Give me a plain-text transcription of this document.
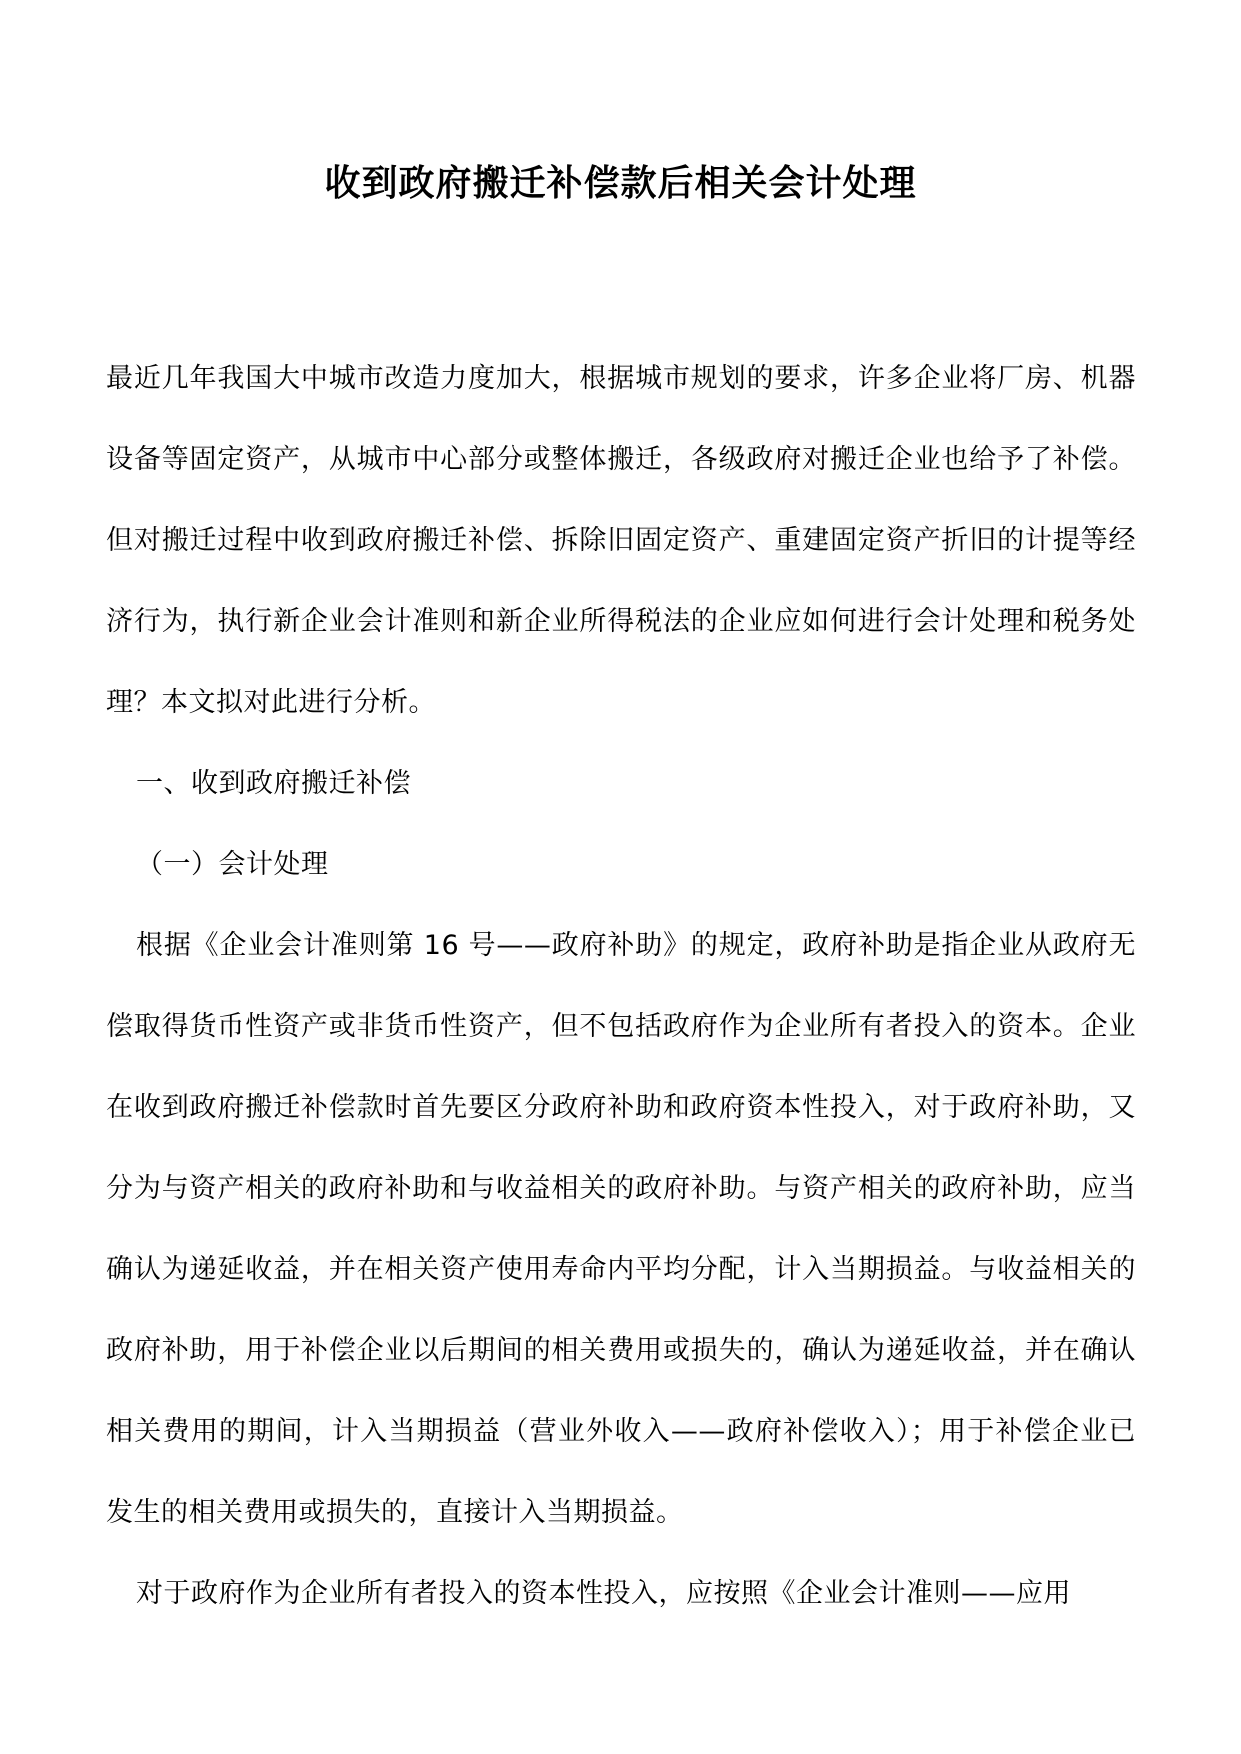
收到政府搬迁补偿款后相关会计处理

最近几年我国大中城市改造力度加大，根据城市规划的要求，许多企业将厂房、机器设备等固定资产，从城市中心部分或整体搬迁，各级政府对搬迁企业也给予了补偿。但对搬迁过程中收到政府搬迁补偿、拆除旧固定资产、重建固定资产折旧的计提等经济行为，执行新企业会计准则和新企业所得税法的企业应如何进行会计处理和税务处理？本文拟对此进行分析。

一、收到政府搬迁补偿

（一）会计处理

根据《企业会计准则第 16 号——政府补助》的规定，政府补助是指企业从政府无偿取得货币性资产或非货币性资产，但不包括政府作为企业所有者投入的资本。企业在收到政府搬迁补偿款时首先要区分政府补助和政府资本性投入，对于政府补助，又分为与资产相关的政府补助和与收益相关的政府补助。与资产相关的政府补助，应当确认为递延收益，并在相关资产使用寿命内平均分配，计入当期损益。与收益相关的政府补助，用于补偿企业以后期间的相关费用或损失的，确认为递延收益，并在确认相关费用的期间，计入当期损益（营业外收入——政府补偿收入）；用于补偿企业已发生的相关费用或损失的，直接计入当期损益。

对于政府作为企业所有者投入的资本性投入，应按照《企业会计准则——应用
